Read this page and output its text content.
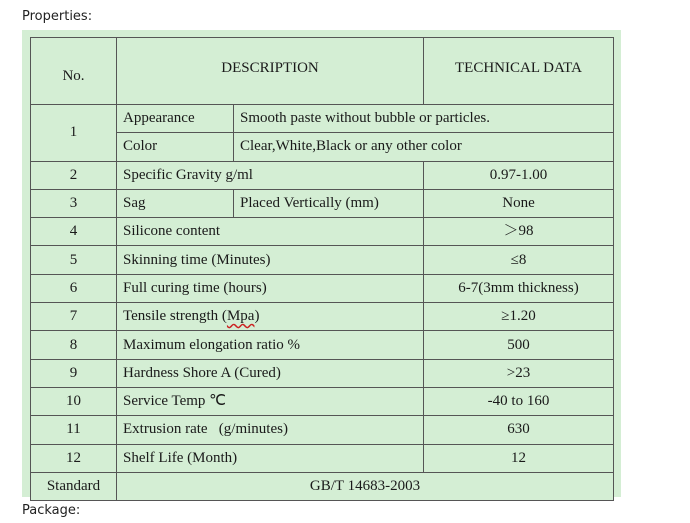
Properties:
No.	DESCRIPTION		TECHNICAL DATA
1	Appearance	Smooth paste without bubble or particles.	
	Color	Clear,White,Black or any other color	
2	Specific Gravity g/ml		0.97-1.00
3	Sag	Placed Vertically (mm)	None
4	Silicone content		＞98
5	Skinning time (Minutes)		≤8
6	Full curing time (hours)		6-7(3mm thickness)
7	Tensile strength (Mpa)		≥1.20
8	Maximum elongation ratio %		500
9	Hardness Shore A (Cured)		>23
10	Service Temp ℃		-40 to 160
11	Extrusion rate   (g/minutes)		630
12	Shelf Life (Month)		12
Standard	GB/T 14683-2003		
Package:
